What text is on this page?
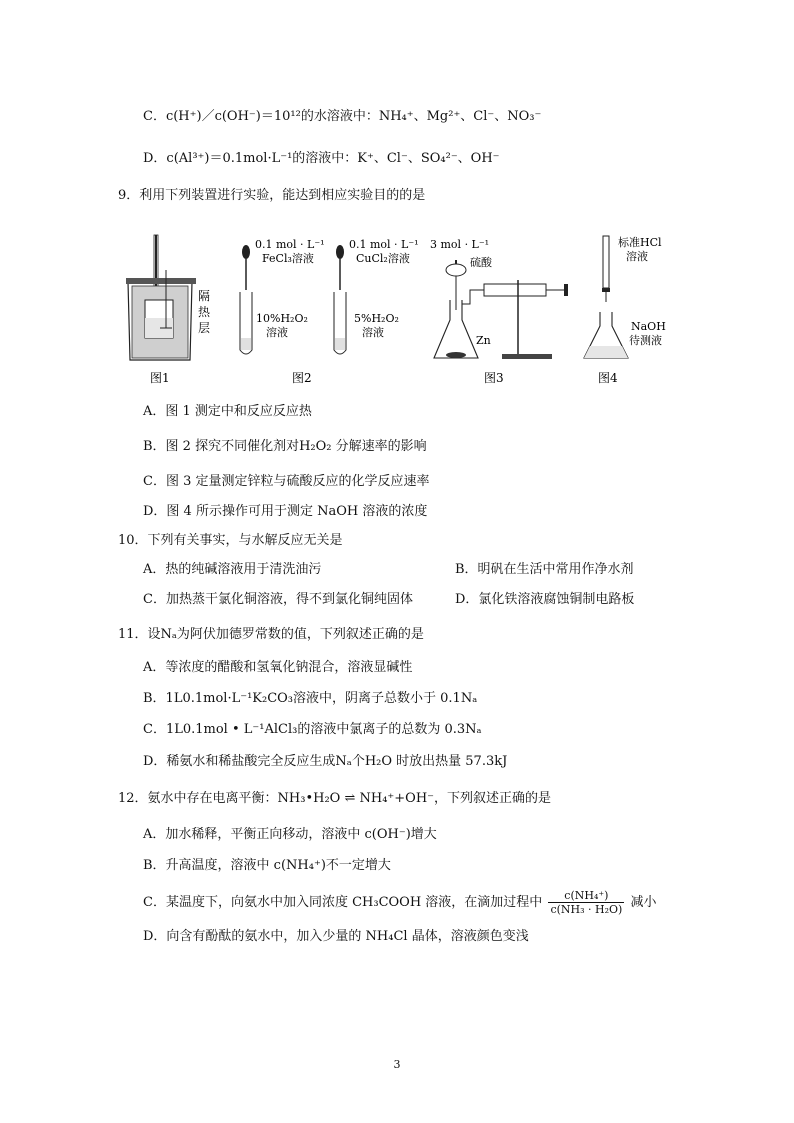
C．c(H⁺)／c(OH⁻)＝10¹²的水溶液中：NH₄⁺、Mg²⁺、Cl⁻、NO₃⁻
D．c(Al³⁺)＝0.1mol·L⁻¹的溶液中：K⁺、Cl⁻、SO₄²⁻、OH⁻
9．利用下列装置进行实验，能达到相应实验目的的是
隔
热
层
图1
0.1 mol · L⁻¹
FeCl₃溶液
10%H₂O₂
溶液
0.1 mol · L⁻¹
CuCl₂溶液
5%H₂O₂
溶液
图2
3 mol · L⁻¹
硫酸
Zn
图3
标准HCl
溶液
NaOH
待测液
图4
A．图 1 测定中和反应反应热
B．图 2 探究不同催化剂对H₂O₂ 分解速率的影响
C．图 3 定量测定锌粒与硫酸反应的化学反应速率
D．图 4 所示操作可用于测定 NaOH 溶液的浓度
10．下列有关事实，与水解反应无关是
A．热的纯碱溶液用于清洗油污	B．明矾在生活中常用作净水剂
C．加热蒸干氯化铜溶液，得不到氯化铜纯固体	D．氯化铁溶液腐蚀铜制电路板
11．设Nₐ为阿伏加德罗常数的值，下列叙述正确的是
A．等浓度的醋酸和氢氧化钠混合，溶液显碱性
B．1L0.1mol·L⁻¹K₂CO₃溶液中，阴离子总数小于 0.1Nₐ
C．1L0.1mol • L⁻¹AlCl₃的溶液中氯离子的总数为 0.3Nₐ
D．稀氨水和稀盐酸完全反应生成Nₐ个H₂O 时放出热量 57.3kJ
12．氨水中存在电离平衡：NH₃•H₂O ⇌ NH₄⁺+OH⁻，下列叙述正确的是
A．加水稀释，平衡正向移动，溶液中 c(OH⁻)增大
B．升高温度，溶液中 c(NH₄⁺)不一定增大
C．某温度下，向氨水中加入同浓度 CH₃COOH 溶液，在滴加过程中 $\frac{\text{c(NH₄⁺)}}{\text{c(NH₃ · H₂O)}}$ 减小
D．向含有酚酞的氨水中，加入少量的 NH₄Cl 晶体，溶液颜色变浅
3
